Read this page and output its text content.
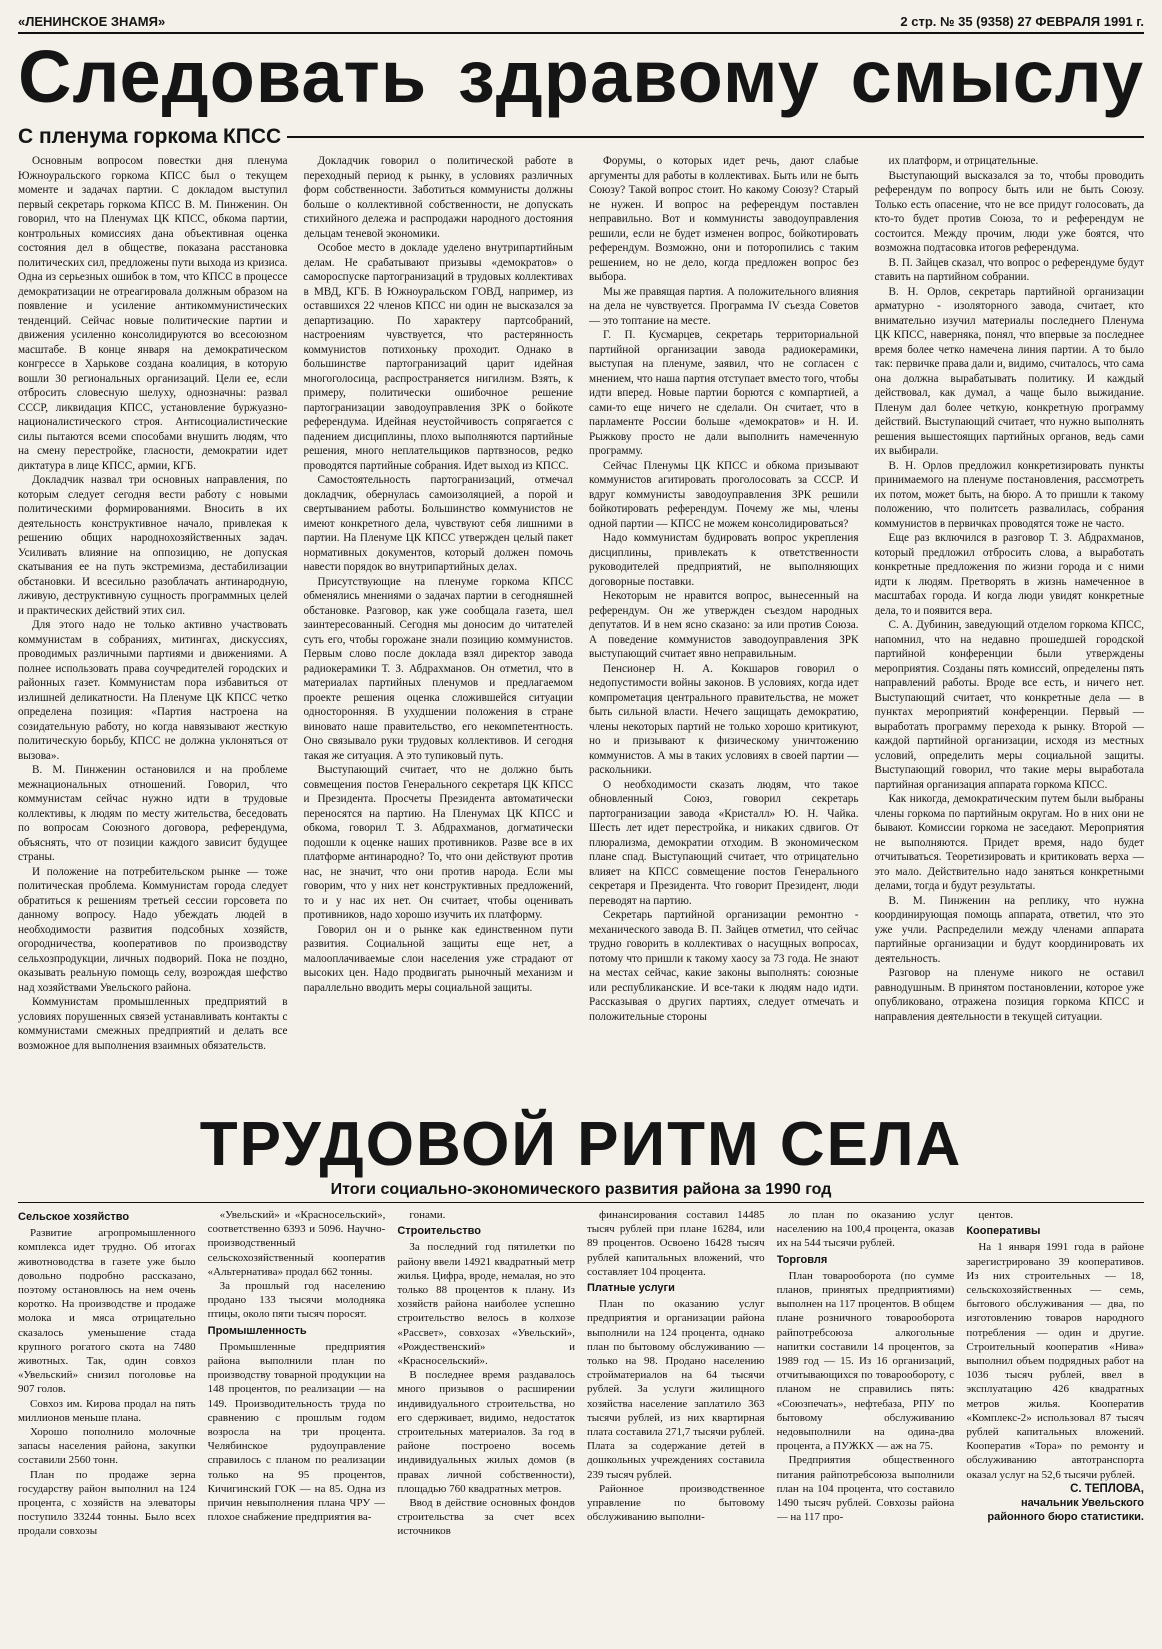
«ЛЕНИНСКОЕ ЗНАМЯ»	2 стр. № 35 (9358) 27 ФЕВРАЛЯ 1991 г.
Следовать здравому смыслу
С пленума горкома КПСС

Основным вопросом повестки дня пленума Южноуральского горкома КПСС был о текущем моменте и задачах партии. С докладом выступил первый секретарь горкома КПСС В. М. Пинженин. Он говорил, что на Пленумах ЦК КПСС, обкома партии, контрольных комиссиях дана объективная оценка состояния дел в обществе, показана расстановка политических сил, предложены пути выхода из кризиса. Одна из серьезных ошибок в том, что КПСС в процессе демократизации не отреагировала должным образом на появление и усиление антикоммунистических тенденций. Сейчас новые политические партии и движения усиленно консолидируются во всесоюзном масштабе. В конце января на демократическом конгрессе в Харькове создана коалиция, в которую вошли 30 региональных организаций. Цели ее, если отбросить словесную шелуху, однозначны: развал СССР, ликвидация КПСС, установление буржуазно-националистического строя. Антисоциалистические силы пытаются всеми способами внушить людям, что на смену перестройке, гласности, демократии идет диктатура в лице КПСС, армии, КГБ.

Докладчик назвал три основных направления, по которым следует сегодня вести работу с новыми политическими формированиями. Вносить в их деятельность конструктивное начало, привлекая к решению общих народнохозяйственных задач. Усиливать влияние на оппозицию, не допуская скатывания ее на путь экстремизма, дестабилизации обстановки. И всесильно разоблачать антинародную, лживую, деструктивную сущность программных целей и практических действий этих сил.

Для этого надо не только активно участвовать коммунистам в собраниях, митингах, дискуссиях, проводимых различными партиями и движениями. А полнее использовать права соучредителей городских и районных газет. Коммунистам пора избавиться от излишней деликатности. На Пленуме ЦК КПСС четко определена позиция: «Партия настроена на созидательную работу, но когда навязывают жесткую политическую борьбу, КПСС не должна уклоняться от вызова».

В. М. Пинженин остановился и на проблеме межнациональных отношений. Говорил, что коммунистам сейчас нужно идти в трудовые коллективы, к людям по месту жительства, беседовать по вопросам Союзного договора, референдума, объяснять, что от позиции каждого зависит будущее страны.

И положение на потребительском рынке — тоже политическая проблема. Коммунистам города следует обратиться к решениям третьей сессии горсовета по данному вопросу. Надо убеждать людей в необходимости развития подсобных хозяйств, огородничества, кооперативов по производству сельхозпродукции, личных подворий. Пока не поздно, оказывать реальную помощь селу, возрождая шефство над хозяйствами Увельского района.

Коммунистам промышленных предприятий в условиях порушенных связей устанавливать контакты с коммунистами смежных предприятий и делать все возможное для выполнения взаимных обязательств.

Докладчик говорил о политической работе в переходный период к рынку, в условиях различных форм собственности. Заботиться коммунисты должны больше о коллективной собственности, не допускать стихийного дележа и распродажи народного достояния дельцам теневой экономики.

Особое место в докладе уделено внутрипартийным делам. Не срабатывают призывы «демократов» о самороспуске партогранизаций в трудовых коллективах в МВД, КГБ. В Южноуральском ГОВД, например, из оставшихся 22 членов КПСС ни один не высказался за департизацию. По характеру партсобраний, настроениям чувствуется, что растерянность коммунистов потихоньку проходит. Однако в большинстве партогранизаций царит идейная многоголосица, распространяется нигилизм. Взять, к примеру, политически ошибочное решение партогранизации заводоуправления ЗРК о бойкоте референдума. Идейная неустойчивость сопрягается с падением дисциплины, плохо выполняются партийные решения, много неплательщиков партвзносов, редко проводятся партийные собрания. Идет выход из КПСС.

Самостоятельность партогранизаций, отмечал докладчик, обернулась самоизоляцией, а порой и свертыванием работы. Большинство коммунистов не имеют конкретного дела, чувствуют себя лишними в партии. На Пленуме ЦК КПСС утвержден целый пакет нормативных документов, который должен помочь навести порядок во внутрипартийных делах.

Присутствующие на пленуме горкома КПСС обменялись мнениями о задачах партии в сегодняшней обстановке. Разговор, как уже сообщала газета, шел заинтересованный. Сегодня мы доносим до читателей суть его, чтобы горожане знали позицию коммунистов. Первым слово после доклада взял директор завода радиокерамики Т. З. Абдрахманов. Он отметил, что в материалах партийных пленумов и предлагаемом проекте решения оценка сложившейся ситуации односторонняя. В ухудшении положения в стране виновато наше правительство, его некомпетентность. Оно связывало руки трудовых коллективов. И сегодня такая же ситуация. А это тупиковый путь.

Выступающий считает, что не должно быть совмещения постов Генерального секретаря ЦК КПСС и Президента. Просчеты Президента автоматически переносятся на партию. На Пленумах ЦК КПСС и обкома, говорил Т. З. Абдрахманов, догматически подошли к оценке наших противников. Разве все в их платформе антинародно? То, что они действуют против нас, не значит, что они против народа. Если мы говорим, что у них нет конструктивных предложений, то и у нас их нет. Он считает, чтобы оценивать противников, надо хорошо изучить их платформу.

Говорил он и о рынке как единственном пути развития. Социальной защиты еще нет, а малооплачиваемые слои населения уже страдают от высоких цен. Надо продвигать рыночный механизм и параллельно вводить меры социальной защиты.

Форумы, о которых идет речь, дают слабые аргументы для работы в коллективах. Быть или не быть Союзу? Такой вопрос стоит. Но какому Союзу? Старый не нужен. И вопрос на референдум поставлен неправильно. Вот и коммунисты заводоуправления решили, если не будет изменен вопрос, бойкотировать референдум. Возможно, они и поторопились с таким решением, но не дело, когда предложен вопрос без выбора.

Мы же правящая партия. А положительного влияния на дела не чувствуется. Программа IV съезда Советов — это топтание на месте.

Г. П. Кусмарцев, секретарь территориальной партийной организации завода радиокерамики, выступая на пленуме, заявил, что не согласен с мнением, что наша партия отступает вместо того, чтобы идти вперед. Новые партии борются с компартией, а сами-то еще ничего не сделали. Он считает, что в парламенте России больше «демократов» и Н. И. Рыжкову просто не дали выполнить намеченную программу.

Сейчас Пленумы ЦК КПСС и обкома призывают коммунистов агитировать проголосовать за СССР. И вдруг коммунисты заводоуправления ЗРК решили бойкотировать референдум. Почему же мы, члены одной партии — КПСС не можем консолидироваться?

Надо коммунистам будировать вопрос укрепления дисциплины, привлекать к ответственности руководителей предприятий, не выполняющих договорные поставки.

Некоторым не нравится вопрос, вынесенный на референдум. Он же утвержден съездом народных депутатов. И в нем ясно сказано: за или против Союза. А поведение коммунистов заводоуправления ЗРК выступающий считает явно неправильным.

Пенсионер Н. А. Кокшаров говорил о недопустимости войны законов. В условиях, когда идет компрометация центрального правительства, не может быть сильной власти. Нечего защищать демократию, члены некоторых партий не только хорошо критикуют, но и призывают к физическому уничтожению коммунистов. А мы в таких условиях в своей партии — раскольники.

О необходимости сказать людям, что такое обновленный Союз, говорил секретарь партогранизации завода «Кристалл» Ю. Н. Чайка. Шесть лет идет перестройка, и никаких сдвигов. От плюрализма, демократии отходим. В экономическом плане спад. Выступающий считает, что отрицательно влияет на КПСС совмещение постов Генерального секретаря и Президента. Что говорит Президент, люди переводят на партию.

Секретарь партийной организации ремонтно - механического завода В. П. Зайцев отметил, что сейчас трудно говорить в коллективах о насущных вопросах, потому что пришли к такому хаосу за 73 года. Не знают на местах сейчас, какие законы выполнять: союзные или республиканские. И все-таки к людям надо идти. Рассказывая о других партиях, следует отмечать и положительные стороны

их платформ, и отрицательные.

Выступающий высказался за то, чтобы проводить референдум по вопросу быть или не быть Союзу. Только есть опасение, что не все придут голосовать, да кто-то будет против Союза, то и референдум не состоится. Между прочим, люди уже боятся, что возможна подтасовка итогов референдума.

В. П. Зайцев сказал, что вопрос о референдуме будут ставить на партийном собрании.

В. Н. Орлов, секретарь партийной организации арматурно - изоляторного завода, считает, кто внимательно изучил материалы последнего Пленума ЦК КПСС, наверняка, понял, что впервые за последнее время более четко намечена линия партии. А то было так: первичке права дали и, видимо, считалось, что сама она должна вырабатывать политику. И каждый действовал, как думал, а чаще было выжидание. Пленум дал более четкую, конкретную программу действий. Выступающий считает, что нужно выполнять решения вышестоящих партийных органов, ведь сами их выбирали.

В. Н. Орлов предложил конкретизировать пункты принимаемого на пленуме постановления, рассмотреть их потом, может быть, на бюро. А то пришли к такому положению, что политсеть развалилась, собрания коммунистов в первичках проводятся тоже не часто.

Еще раз включился в разговор Т. З. Абдрахманов, который предложил отбросить слова, а выработать конкретные предложения по жизни города и с ними идти к людям. Претворять в жизнь намеченное в масштабах города. И когда люди увидят конкретные дела, то и появится вера.

С. А. Дубинин, заведующий отделом горкома КПСС, напомнил, что на недавно прошедшей городской партийной конференции были утверждены мероприятия. Созданы пять комиссий, определены пять направлений работы. Вроде все есть, и ничего нет. Выступающий считает, что конкретные дела — в пунктах мероприятий конференции. Первый — выработать программу перехода к рынку. Второй — каждой партийной организации, исходя из местных условий, определить меры социальной защиты. Выступающий говорил, что такие меры выработала партийная организация аппарата горкома КПСС.

Как никогда, демократическим путем были выбраны члены горкома по партийным округам. Но в них они не бывают. Комиссии горкома не заседают. Мероприятия не выполняются. Придет время, надо будет отчитываться. Теоретизировать и критиковать верха — это мало. Действительно надо заняться конкретными делами, тогда и будут результаты.

В. М. Пинженин на реплику, что нужна координирующая помощь аппарата, ответил, что это уже учли. Распределили между членами аппарата партийные организации и будут координировать их деятельность.

Разговор на пленуме никого не оставил равнодушным. В принятом постановлении, которое уже опубликовано, отражена позиция горкома КПСС и направления деятельности в текущей ситуации.

ТРУДОВОЙ РИТМ СЕЛА
Итоги социально-экономического развития района за 1990 год

Сельское хозяйство

Развитие агропромышленного комплекса идет трудно. Об итогах животноводства в газете уже было довольно подробно рассказано, поэтому остановлюсь на нем очень коротко. На производстве и продаже молока и мяса отрицательно сказалось уменьшение стада крупного рогатого скота на 7480 животных. Так, один совхоз «Увельский» снизил поголовье на 907 голов.

Совхоз им. Кирова продал на пять миллионов меньше плана.

Хорошо пополнило молочные запасы населения района, закупки составили 2560 тонн.

План по продаже зерна государству район выполнил на 124 процента, с хозяйств на элеваторы поступило 33244 тонны. Было всех продали совхозы

«Увельский» и «Красносельский», соответственно 6393 и 5096. Научно-производственный сельскохозяйственный кооператив «Альтернатива» продал 662 тонны.

За прошлый год населению продано 133 тысячи молодняка птицы, около пяти тысяч поросят.

Промышленность

Промышленные предприятия района выполнили план по производству товарной продукции на 148 процентов, по реализации — на 149. Производительность труда по сравнению с прошлым годом возросла на три процента. Челябинское рудоуправление справилось с планом по реализации только на 95 процентов, Кичигинский ГОК — на 85. Одна из причин невыполнения плана ЧРУ — плохое снабжение предприятия ва-

гонами.

Строительство

За последний год пятилетки по району ввели 14921 квадратный метр жилья. Цифра, вроде, немалая, но это только 88 процентов к плану. Из хозяйств района наиболее успешно строительство велось в колхозе «Рассвет», совхозах «Увельский», «Рождественский» и «Красносельский».

В последнее время раздавалось много призывов о расширении индивидуального строительства, но его сдерживает, видимо, недостаток строительных материалов. За год в районе построено восемь индивидуальных жилых домов (в правах личной собственности), площадью 760 квадратных метров.

Ввод в действие основных фондов строительства за счет всех источников

финансирования составил 14485 тысяч рублей при плане 16284, или 89 процентов. Освоено 16428 тысяч рублей капитальных вложений, что составляет 104 процента.

Платные услуги

План по оказанию услуг предприятия и организации района выполнили на 124 процента, однако план по бытовому обслуживанию — только на 98. Продано населению стройматериалов на 64 тысячи рублей. За услуги жилищного хозяйства население заплатило 363 тысячи рублей, из них квартирная плата составила 271,7 тысячи рублей. Плата за содержание детей в дошкольных учреждениях составила 239 тысяч рублей.

Районное производственное управление по бытовому обслуживанию выполни-

ло план по оказанию услуг населению на 100,4 процента, оказав их на 544 тысячи рублей.

Торговля

План товарооборота (по сумме планов, принятых предприятиями) выполнен на 117 процентов. В общем плане розничного товарооборота райпотребсоюза алкогольные напитки составили 14 процентов, за 1989 год — 15. Из 16 организаций, отчитывающихся по товарообороту, с планом не справились пять: «Союзпечать», нефтебаза, РПУ по бытовому обслуживанию недовыполнили на одина-два процента, а ПУЖКХ — аж на 75.

Предприятия общественного питания райпотребсоюза выполнили план на 104 процента, что составило 1490 тысяч рублей. Совхозы района — на 117 про-

центов.

Кооперативы

На 1 января 1991 года в районе зарегистрировано 39 кооперативов. Из них строительных — 18, сельскохозяйственных — семь, бытового обслуживания — два, по изготовлению товаров народного потребления — один и другие. Строительный кооператив «Нива» выполнил объем подрядных работ на 1036 тысяч рублей, ввел в эксплуатацию 426 квадратных метров жилья. Кооператив «Комплекс-2» использовал 87 тысяч рублей капитальных вложений. Кооператив «Тора» по ремонту и обслуживанию автотранспорта оказал услуг на 52,6 тысячи рублей.

С. ТЕПЛОВА,

начальник Увельского районного бюро статистики.
